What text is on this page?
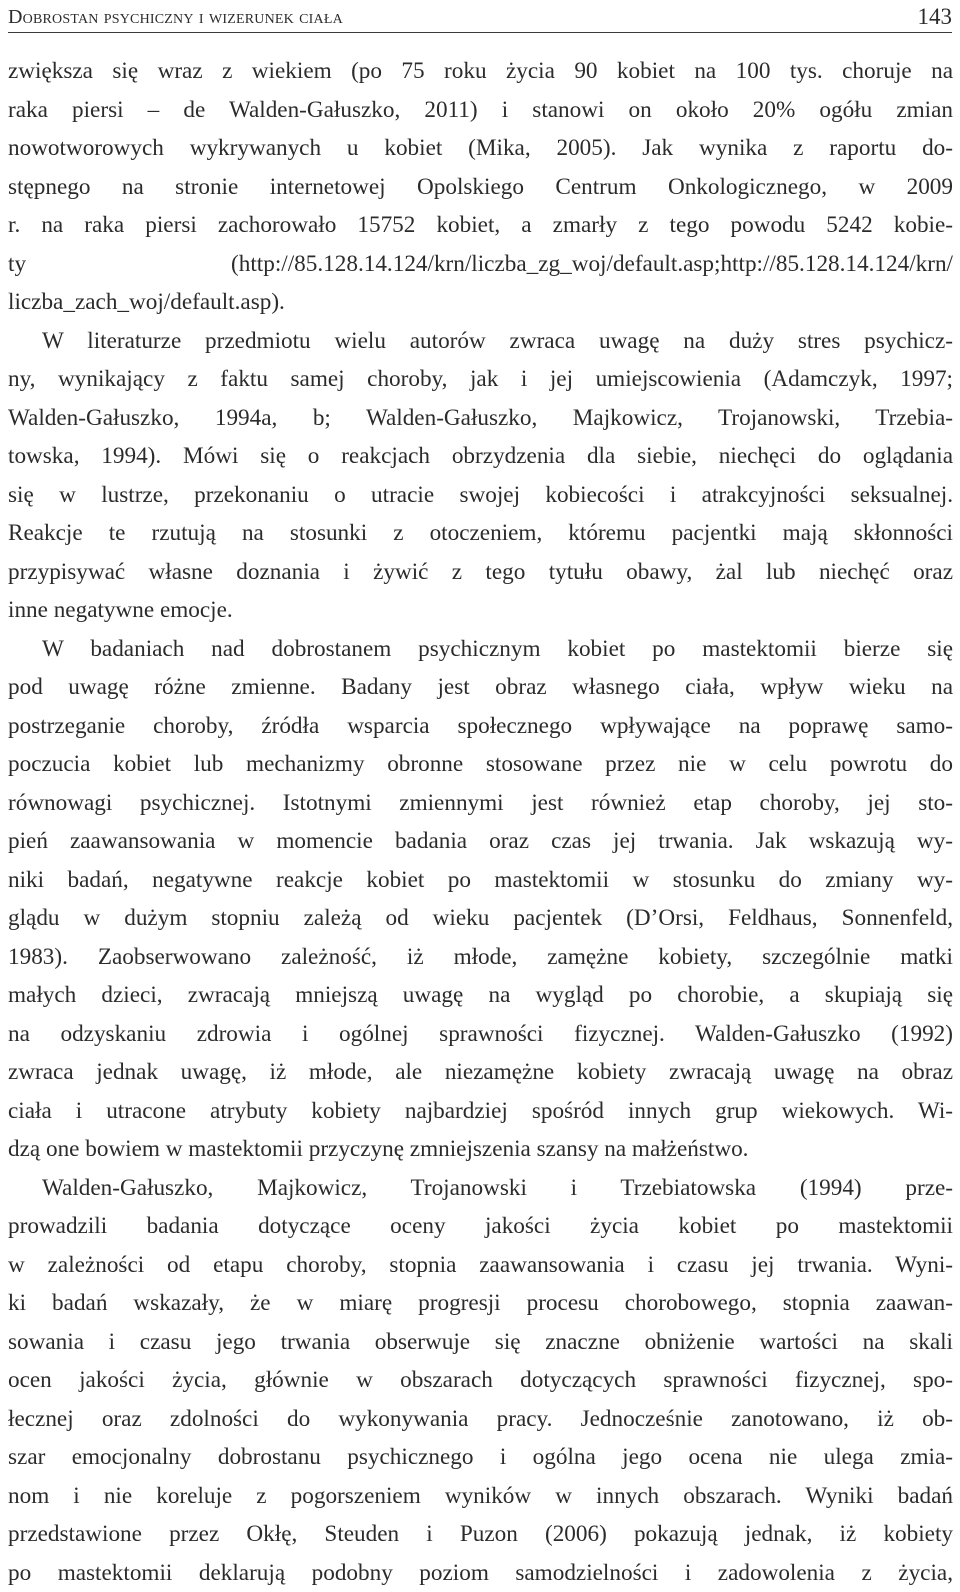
Dobrostan psychiczny i wizerunek ciała	143
zwiększa się wraz z wiekiem (po 75 roku życia 90 kobiet na 100 tys. choruje na
raka piersi – de Walden-Gałuszko, 2011) i stanowi on około 20% ogółu zmian
nowotworowych wykrywanych u kobiet (Mika, 2005). Jak wynika z raportu do-
stępnego na stronie internetowej Opolskiego Centrum Onkologicznego, w 2009
r. na raka piersi zachorowało 15752 kobiet, a zmarły z tego powodu 5242 kobie-
ty (http://85.128.14.124/krn/liczba_zg_woj/default.asp;http://85.128.14.124/krn/
liczba_zach_woj/default.asp).
W literaturze przedmiotu wielu autorów zwraca uwagę na duży stres psychicz-
ny, wynikający z faktu samej choroby, jak i jej umiejscowienia (Adamczyk, 1997;
Walden-Gałuszko, 1994a, b; Walden-Gałuszko, Majkowicz, Trojanowski, Trzebia-
towska, 1994). Mówi się o reakcjach obrzydzenia dla siebie, niechęci do oglądania
się w lustrze, przekonaniu o utracie swojej kobiecości i atrakcyjności seksualnej.
Reakcje te rzutują na stosunki z otoczeniem, któremu pacjentki mają skłonności
przypisywać własne doznania i żywić z tego tytułu obawy, żal lub niechęć oraz
inne negatywne emocje.
W badaniach nad dobrostanem psychicznym kobiet po mastektomii bierze się
pod uwagę różne zmienne. Badany jest obraz własnego ciała, wpływ wieku na
postrzeganie choroby, źródła wsparcia społecznego wpływające na poprawę samo-
poczucia kobiet lub mechanizmy obronne stosowane przez nie w celu powrotu do
równowagi psychicznej. Istotnymi zmiennymi jest również etap choroby, jej sto-
pień zaawansowania w momencie badania oraz czas jej trwania. Jak wskazują wy-
niki badań, negatywne reakcje kobiet po mastektomii w stosunku do zmiany wy-
glądu w dużym stopniu zależą od wieku pacjentek (D’Orsi, Feldhaus, Sonnenfeld,
1983). Zaobserwowano zależność, iż młode, zamężne kobiety, szczególnie matki
małych dzieci, zwracają mniejszą uwagę na wygląd po chorobie, a skupiają się
na odzyskaniu zdrowia i ogólnej sprawności fizycznej. Walden-Gałuszko (1992)
zwraca jednak uwagę, iż młode, ale niezamężne kobiety zwracają uwagę na obraz
ciała i utracone atrybuty kobiety najbardziej spośród innych grup wiekowych. Wi-
dzą one bowiem w mastektomii przyczynę zmniejszenia szansy na małżeństwo.
Walden-Gałuszko, Majkowicz, Trojanowski i Trzebiatowska (1994) prze-
prowadzili badania dotyczące oceny jakości życia kobiet po mastektomii
w zależności od etapu choroby, stopnia zaawansowania i czasu jej trwania. Wyni-
ki badań wskazały, że w miarę progresji procesu chorobowego, stopnia zaawan-
sowania i czasu jego trwania obserwuje się znaczne obniżenie wartości na skali
ocen jakości życia, głównie w obszarach dotyczących sprawności fizycznej, spo-
łecznej oraz zdolności do wykonywania pracy. Jednocześnie zanotowano, iż ob-
szar emocjonalny dobrostanu psychicznego i ogólna jego ocena nie ulega zmia-
nom i nie koreluje z pogorszeniem wyników w innych obszarach. Wyniki badań
przedstawione przez Okłę, Steuden i Puzon (2006) pokazują jednak, iż kobiety
po mastektomii deklarują podobny poziom samodzielności i zadowolenia z życia,
